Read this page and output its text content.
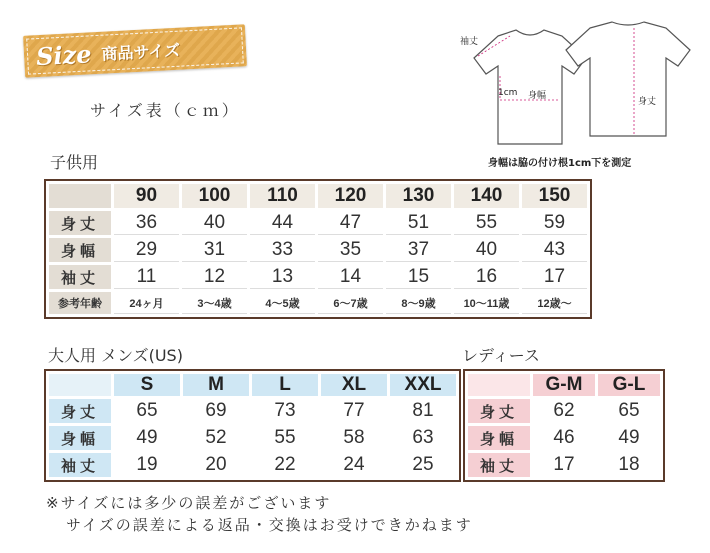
Size 商品サイズ
サイズ表（ｃｍ）
袖丈
1cm 身幅
身丈
身幅は脇の付け根1cm下を測定
子供用
	90	100	110	120	130	140	150
身丈	36	40	44	47	51	55	59
身幅	29	31	33	35	37	40	43
袖丈	11	12	13	14	15	16	17
参考年齢	24ヶ月	3～4歳	4～5歳	6～7歳	8～9歳	10～11歳	12歳～
大人用 メンズ(US)
	S	M	L	XL	XXL
身丈	65	69	73	77	81
身幅	49	52	55	58	63
袖丈	19	20	22	24	25
レディース
	G-M	G-L
身丈	62	65
身幅	46	49
袖丈	17	18
※サイズには多少の誤差がございます
サイズの誤差による返品・交換はお受けできかねます
